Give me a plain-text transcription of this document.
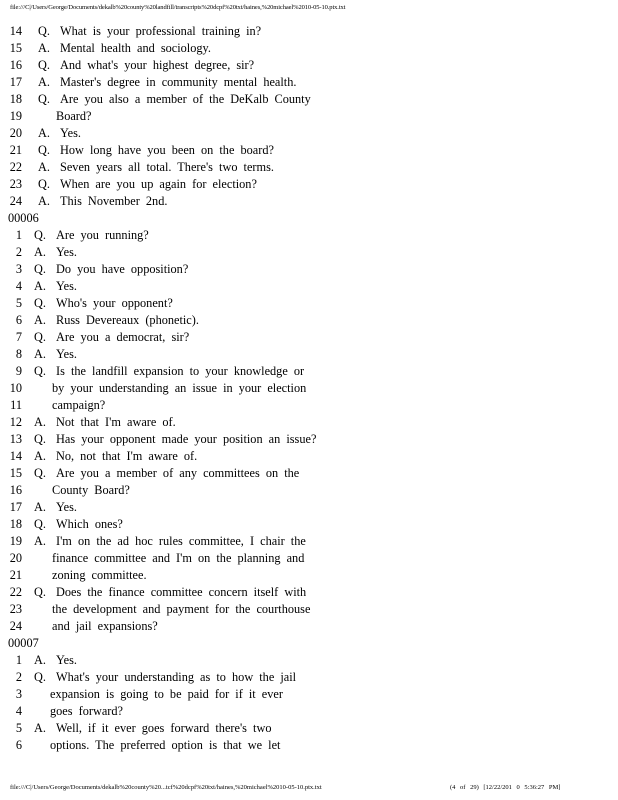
file:///C|/Users/George/Documents/dekalb%20county%20landfill/transcripts%20dcpf%20txt/haines,%20michael%2010-05-10.ptx.txt
14 Q. What is your professional training in?
15 A. Mental health and sociology.
16 Q. And what's your highest degree, sir?
17 A. Master's degree in community mental health.
18 Q. Are you also a member of the DeKalb County
19	Board?
20 A. Yes.
21 Q. How long have you been on the board?
22 A. Seven years all total. There's two terms.
23 Q. When are you up again for election?
24 A. This November 2nd.
00006
1 Q. Are you running?
2 A. Yes.
3 Q. Do you have opposition?
4 A. Yes.
5 Q. Who's your opponent?
6 A. Russ Devereaux (phonetic).
7 Q. Are you a democrat, sir?
8 A. Yes.
9 Q. Is the landfill expansion to your knowledge or
10 by your understanding an issue in your election
11 campaign?
12 A. Not that I'm aware of.
13 Q. Has your opponent made your position an issue?
14 A. No, not that I'm aware of.
15 Q. Are you a member of any committees on the
16 County Board?
17 A. Yes.
18 Q. Which ones?
19 A. I'm on the ad hoc rules committee, I chair the
20 finance committee and I'm on the planning and
21 zoning committee.
22 Q. Does the finance committee concern itself with
23 the development and payment for the courthouse
24 and jail expansions?
00007
1 A. Yes.
2 Q. What's your understanding as to how the jail
3 expansion is going to be paid for if it ever
4 goes forward?
5 A. Well, if it ever goes forward there's two
6 options. The preferred option is that we let
file:///C|/Users/George/Documents/dekalb%20county%20...tcf%20dcpf%20txt/haines,%20michael%2010-05-10.ptx.txt	(4 of 29) [12/22/201 0 5:36:27 PM]
